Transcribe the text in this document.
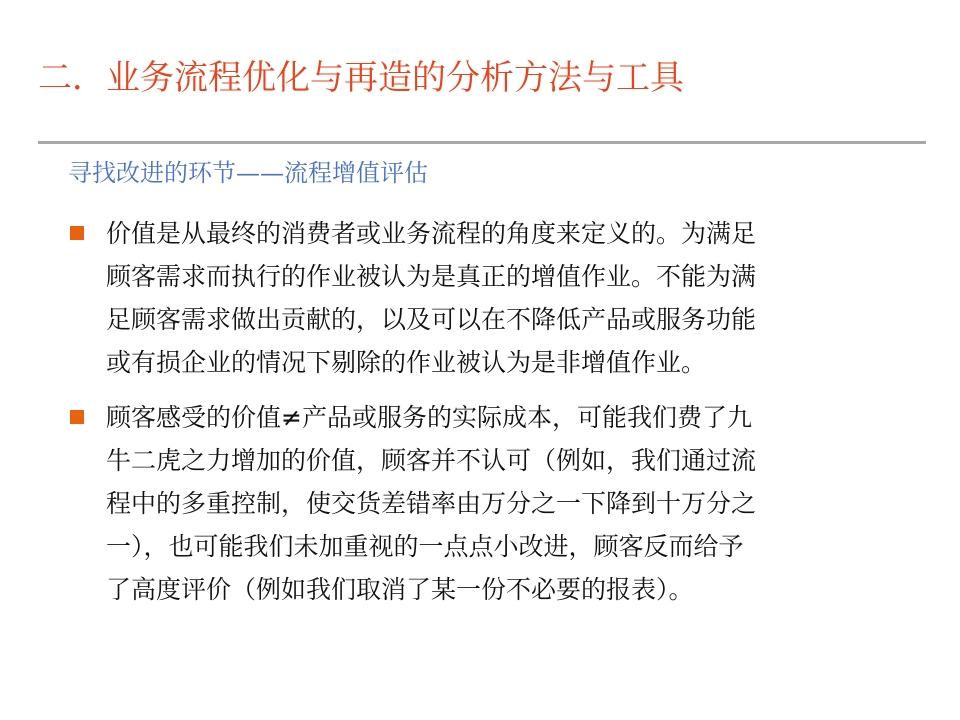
二．业务流程优化与再造的分析方法与工具
寻找改进的环节——流程增值评估
价值是从最终的消费者或业务流程的角度来定义的。为满足
顾客需求而执行的作业被认为是真正的增值作业。不能为满
足顾客需求做出贡献的，以及可以在不降低产品或服务功能
或有损企业的情况下剔除的作业被认为是非增值作业。
顾客感受的价值≠产品或服务的实际成本，可能我们费了九
牛二虎之力增加的价值，顾客并不认可（例如，我们通过流
程中的多重控制，使交货差错率由万分之一下降到十万分之
一），也可能我们未加重视的一点点小改进，顾客反而给予
了高度评价（例如我们取消了某一份不必要的报表）。
